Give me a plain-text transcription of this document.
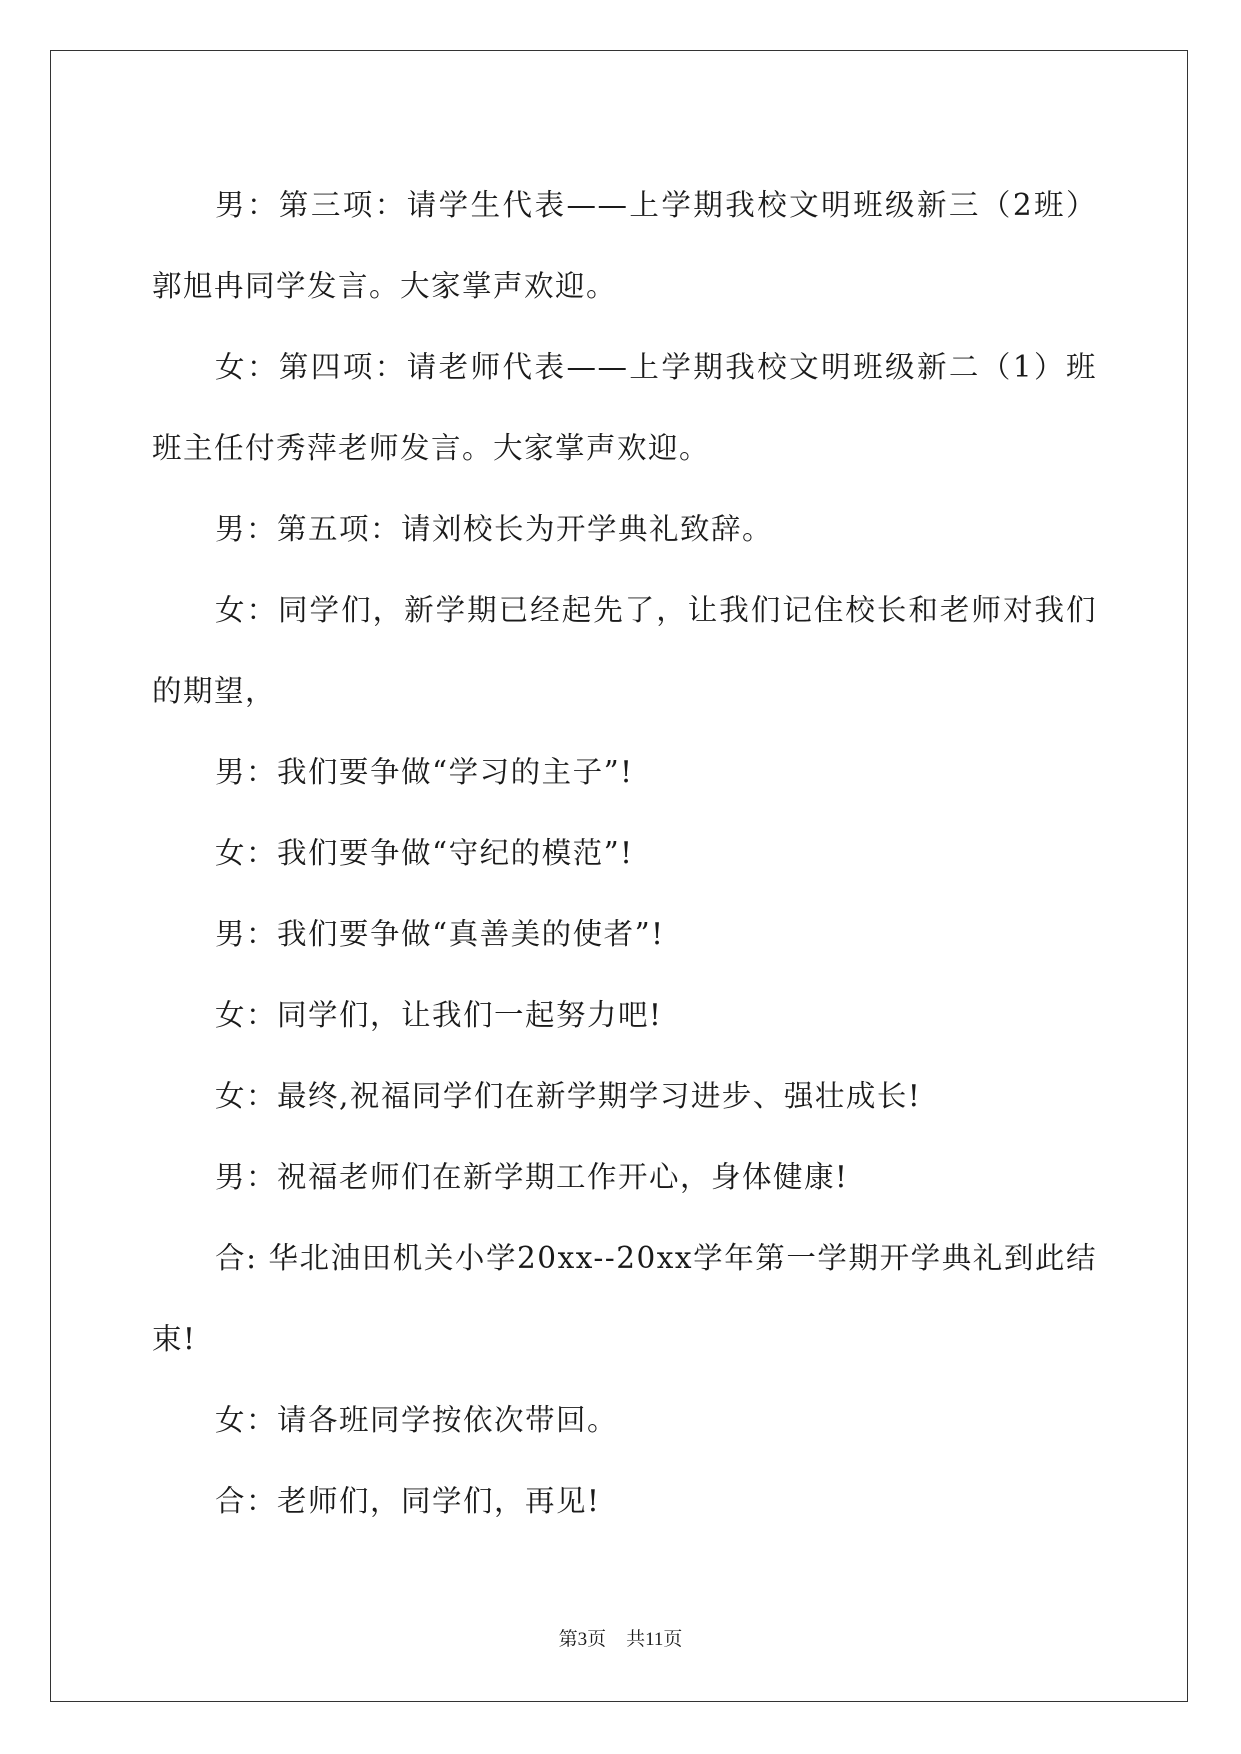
男：第三项：请学生代表——上学期我校文明班级新三（2班）郭旭冉同学发言。大家掌声欢迎。

女：第四项：请老师代表——上学期我校文明班级新二（1）班班主任付秀萍老师发言。大家掌声欢迎。

男：第五项：请刘校长为开学典礼致辞。

女：同学们，新学期已经起先了，让我们记住校长和老师对我们的期望，

男：我们要争做“学习的主子”!

女：我们要争做“守纪的模范”!

男：我们要争做“真善美的使者”!

女：同学们，让我们一起努力吧!

女：最终,祝福同学们在新学期学习进步、强壮成长!

男：祝福老师们在新学期工作开心，身体健康!

合: 华北油田机关小学20xx--20xx学年第一学期开学典礼到此结束!

女：请各班同学按依次带回。

合：老师们，同学们，再见!

第3页 共11页
